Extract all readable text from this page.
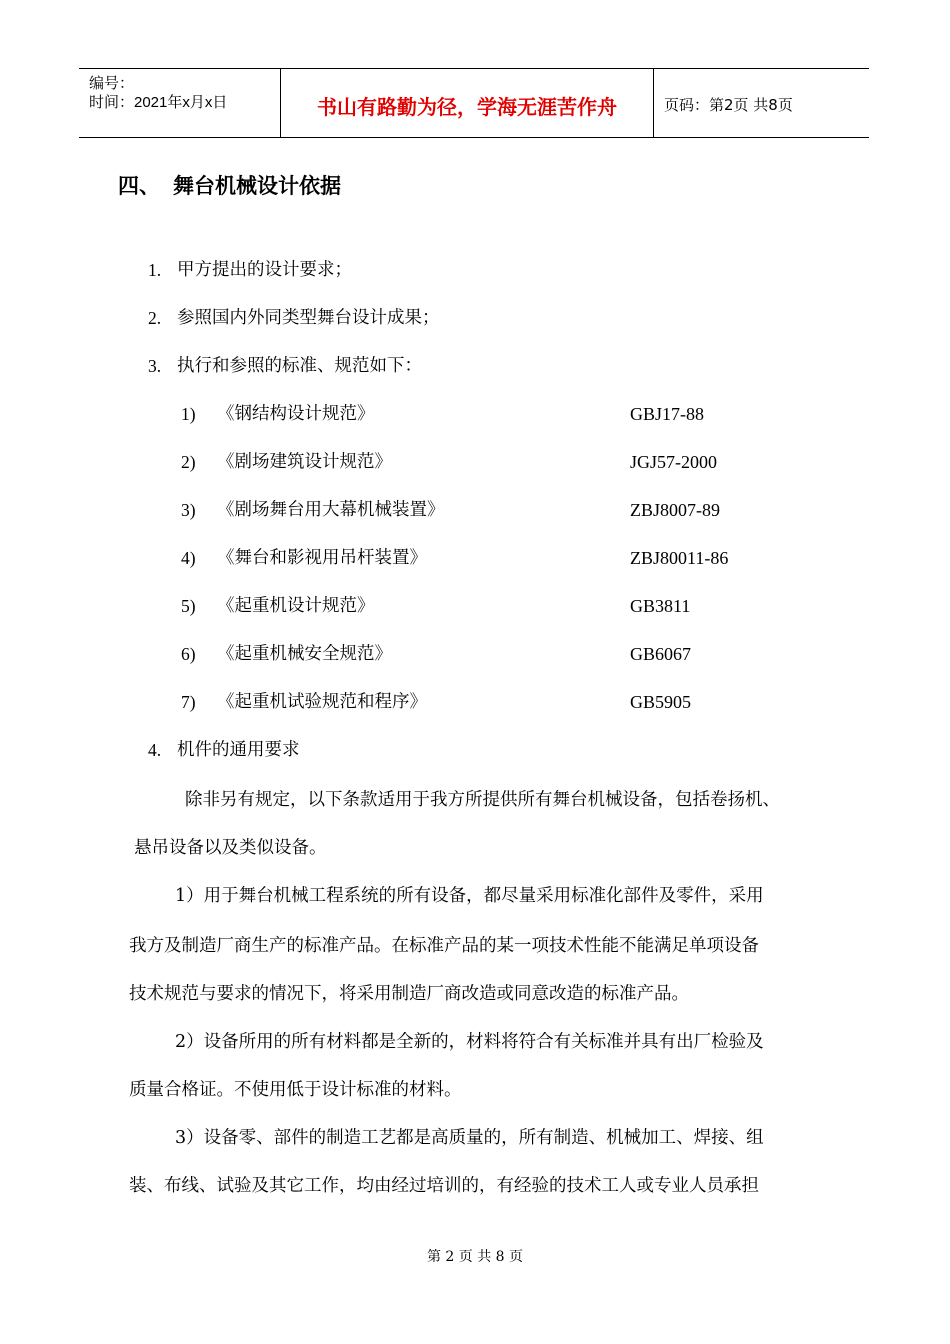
编号：
时间：2021年x月x日	书山有路勤为径，学海无涯苦作舟	页码：第2页 共8页
四、 舞台机械设计依据
1. 甲方提出的设计要求；
2. 参照国内外同类型舞台设计成果；
3. 执行和参照的标准、规范如下：
1) 《钢结构设计规范》	GBJ17-88
2) 《剧场建筑设计规范》	JGJ57-2000
3) 《剧场舞台用大幕机械装置》	ZBJ8007-89
4) 《舞台和影视用吊杆装置》	ZBJ80011-86
5) 《起重机设计规范》	GB3811
6) 《起重机械安全规范》	GB6067
7) 《起重机试验规范和程序》	GB5905
4. 机件的通用要求
除非另有规定，以下条款适用于我方所提供所有舞台机械设备，包括卷扬机、
悬吊设备以及类似设备。
1）用于舞台机械工程系统的所有设备，都尽量采用标准化部件及零件，采用
我方及制造厂商生产的标准产品。在标准产品的某一项技术性能不能满足单项设备
技术规范与要求的情况下，将采用制造厂商改造或同意改造的标准产品。
2）设备所用的所有材料都是全新的，材料将符合有关标准并具有出厂检验及
质量合格证。不使用低于设计标准的材料。
3）设备零、部件的制造工艺都是高质量的，所有制造、机械加工、焊接、组
装、布线、试验及其它工作，均由经过培训的，有经验的技术工人或专业人员承担
第 2 页 共 8 页
